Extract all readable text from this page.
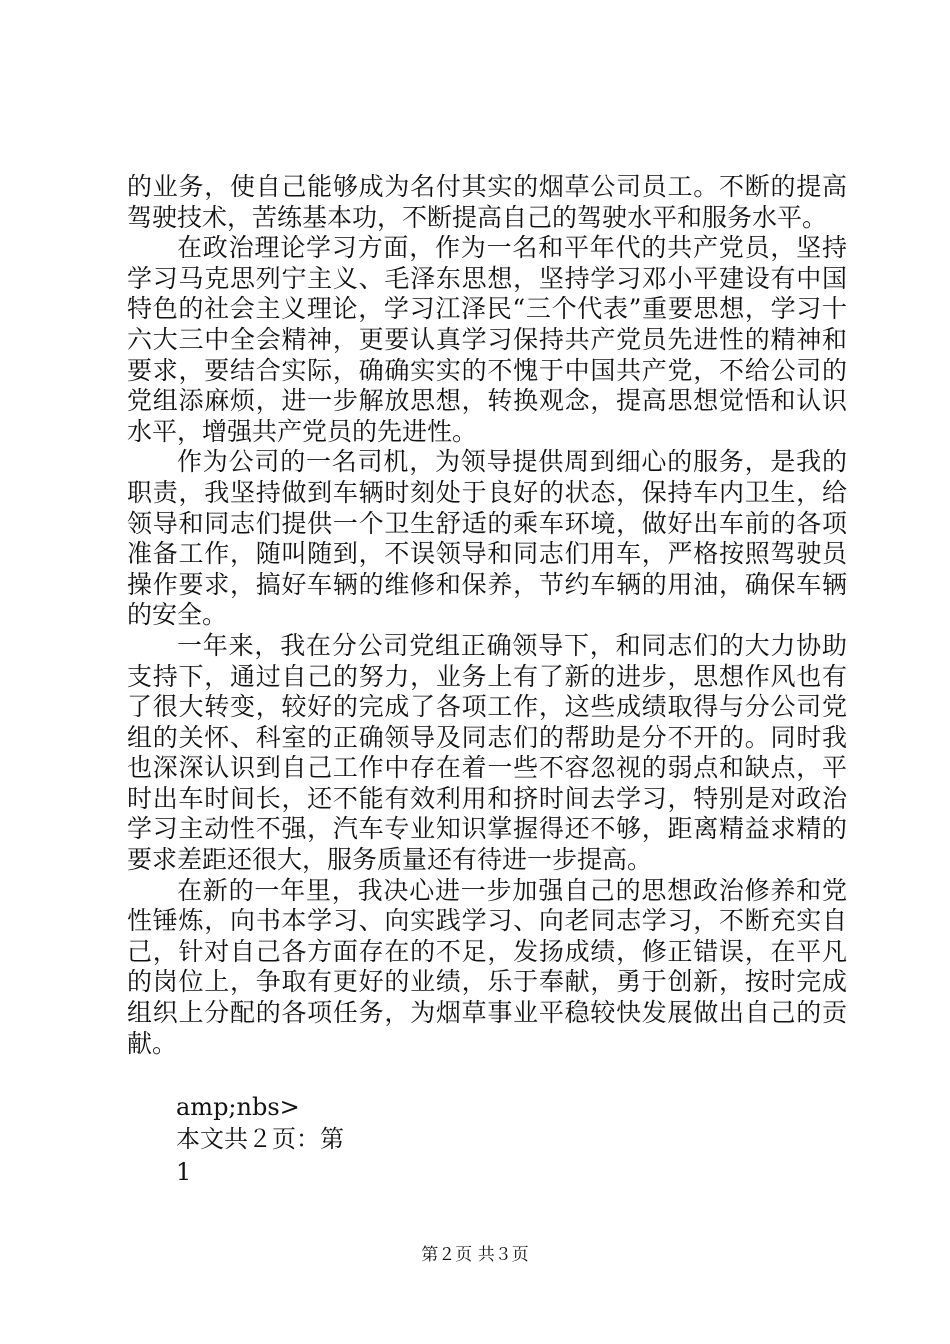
的业务，使自己能够成为名付其实的烟草公司员工。不断的提高驾驶技术，苦练基本功，不断提高自己的驾驶水平和服务水平。

在政治理论学习方面，作为一名和平年代的共产党员，坚持学习马克思列宁主义、毛泽东思想，坚持学习邓小平建设有中国特色的社会主义理论，学习江泽民“三个代表”重要思想，学习十六大三中全会精神，更要认真学习保持共产党员先进性的精神和要求，要结合实际，确确实实的不愧于中国共产党，不给公司的党组添麻烦，进一步解放思想，转换观念，提高思想觉悟和认识水平，增强共产党员的先进性。

作为公司的一名司机，为领导提供周到细心的服务，是我的职责，我坚持做到车辆时刻处于良好的状态，保持车内卫生，给领导和同志们提供一个卫生舒适的乘车环境，做好出车前的各项准备工作，随叫随到，不误领导和同志们用车，严格按照驾驶员操作要求，搞好车辆的维修和保养，节约车辆的用油，确保车辆的安全。

一年来，我在分公司党组正确领导下，和同志们的大力协助支持下，通过自己的努力，业务上有了新的进步，思想作风也有了很大转变，较好的完成了各项工作，这些成绩取得与分公司党组的关怀、科室的正确领导及同志们的帮助是分不开的。同时我也深深认识到自己工作中存在着一些不容忽视的弱点和缺点，平时出车时间长，还不能有效利用和挤时间去学习，特别是对政治学习主动性不强，汽车专业知识掌握得还不够，距离精益求精的要求差距还很大，服务质量还有待进一步提高。

在新的一年里，我决心进一步加强自己的思想政治修养和党性锤炼，向书本学习、向实践学习、向老同志学习，不断充实自己，针对自己各方面存在的不足，发扬成绩，修正错误，在平凡的岗位上，争取有更好的业绩，乐于奉献，勇于创新，按时完成组织上分配的各项任务，为烟草事业平稳较快发展做出自己的贡献。

amp;nbs>
本文共２页：第
1
第２页 共３页
